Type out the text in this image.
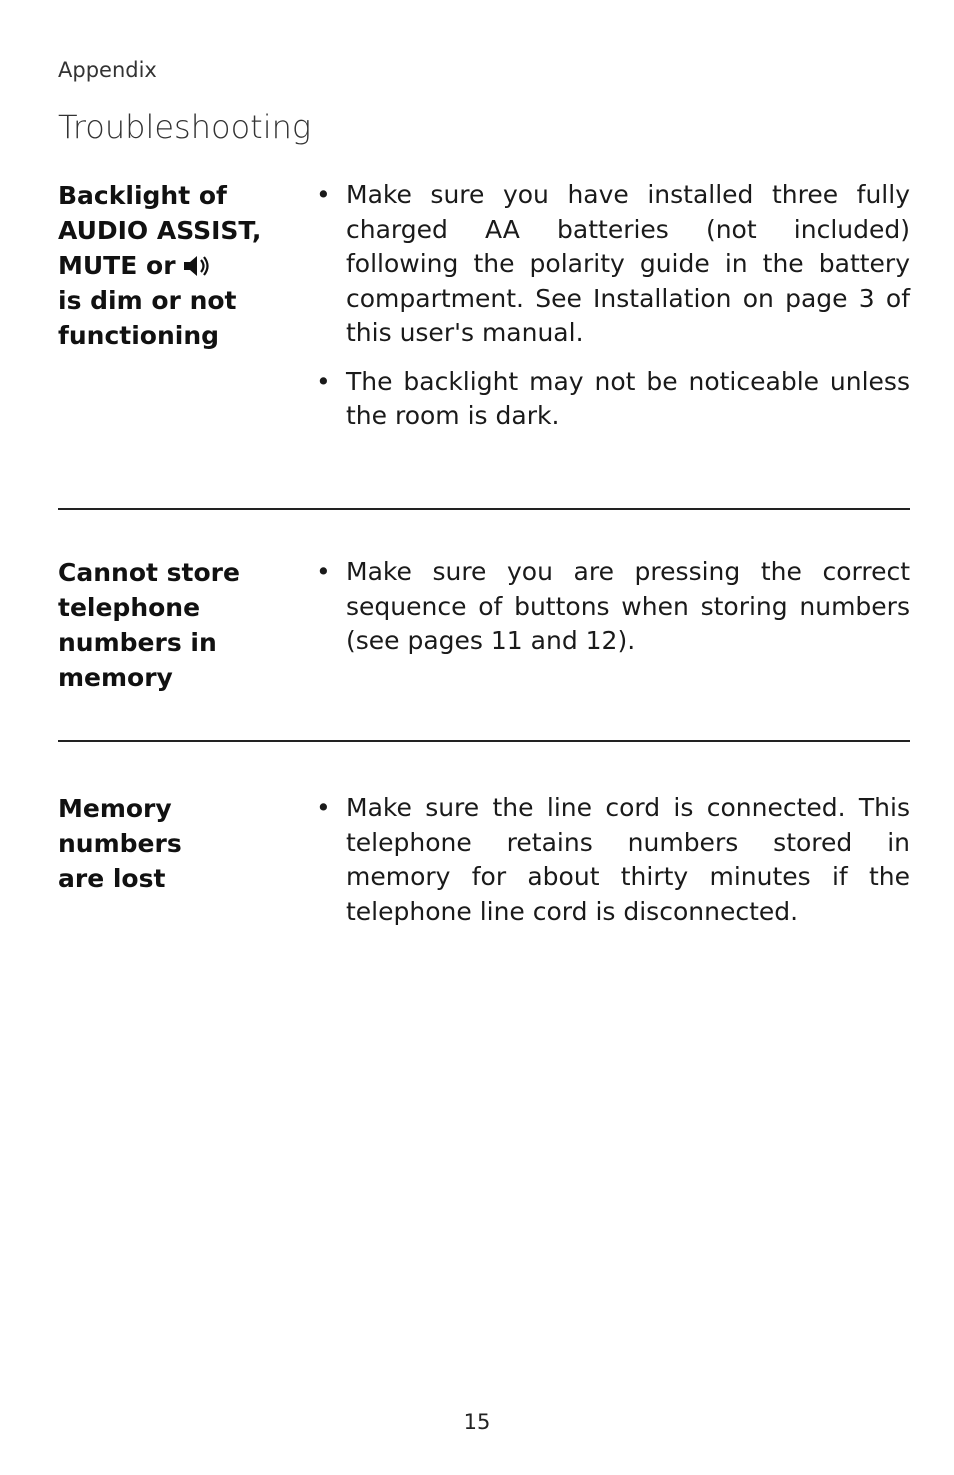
Appendix
Troubleshooting
Backlight of
AUDIO ASSIST,
MUTE or
is dim or not
functioning
• Make sure you have installed three fully charged AA batteries (not included) following the polarity guide in the battery compartment. See Installation on page 3 of this user's manual.
• The backlight may not be noticeable unless the room is dark.
Cannot store
telephone
numbers in
memory
• Make sure you are pressing the correct sequence of buttons when storing numbers (see pages 11 and 12).
Memory numbers
are lost
• Make sure the line cord is connected. This telephone retains numbers stored in memory for about thirty minutes if the telephone line cord is disconnected.
15
